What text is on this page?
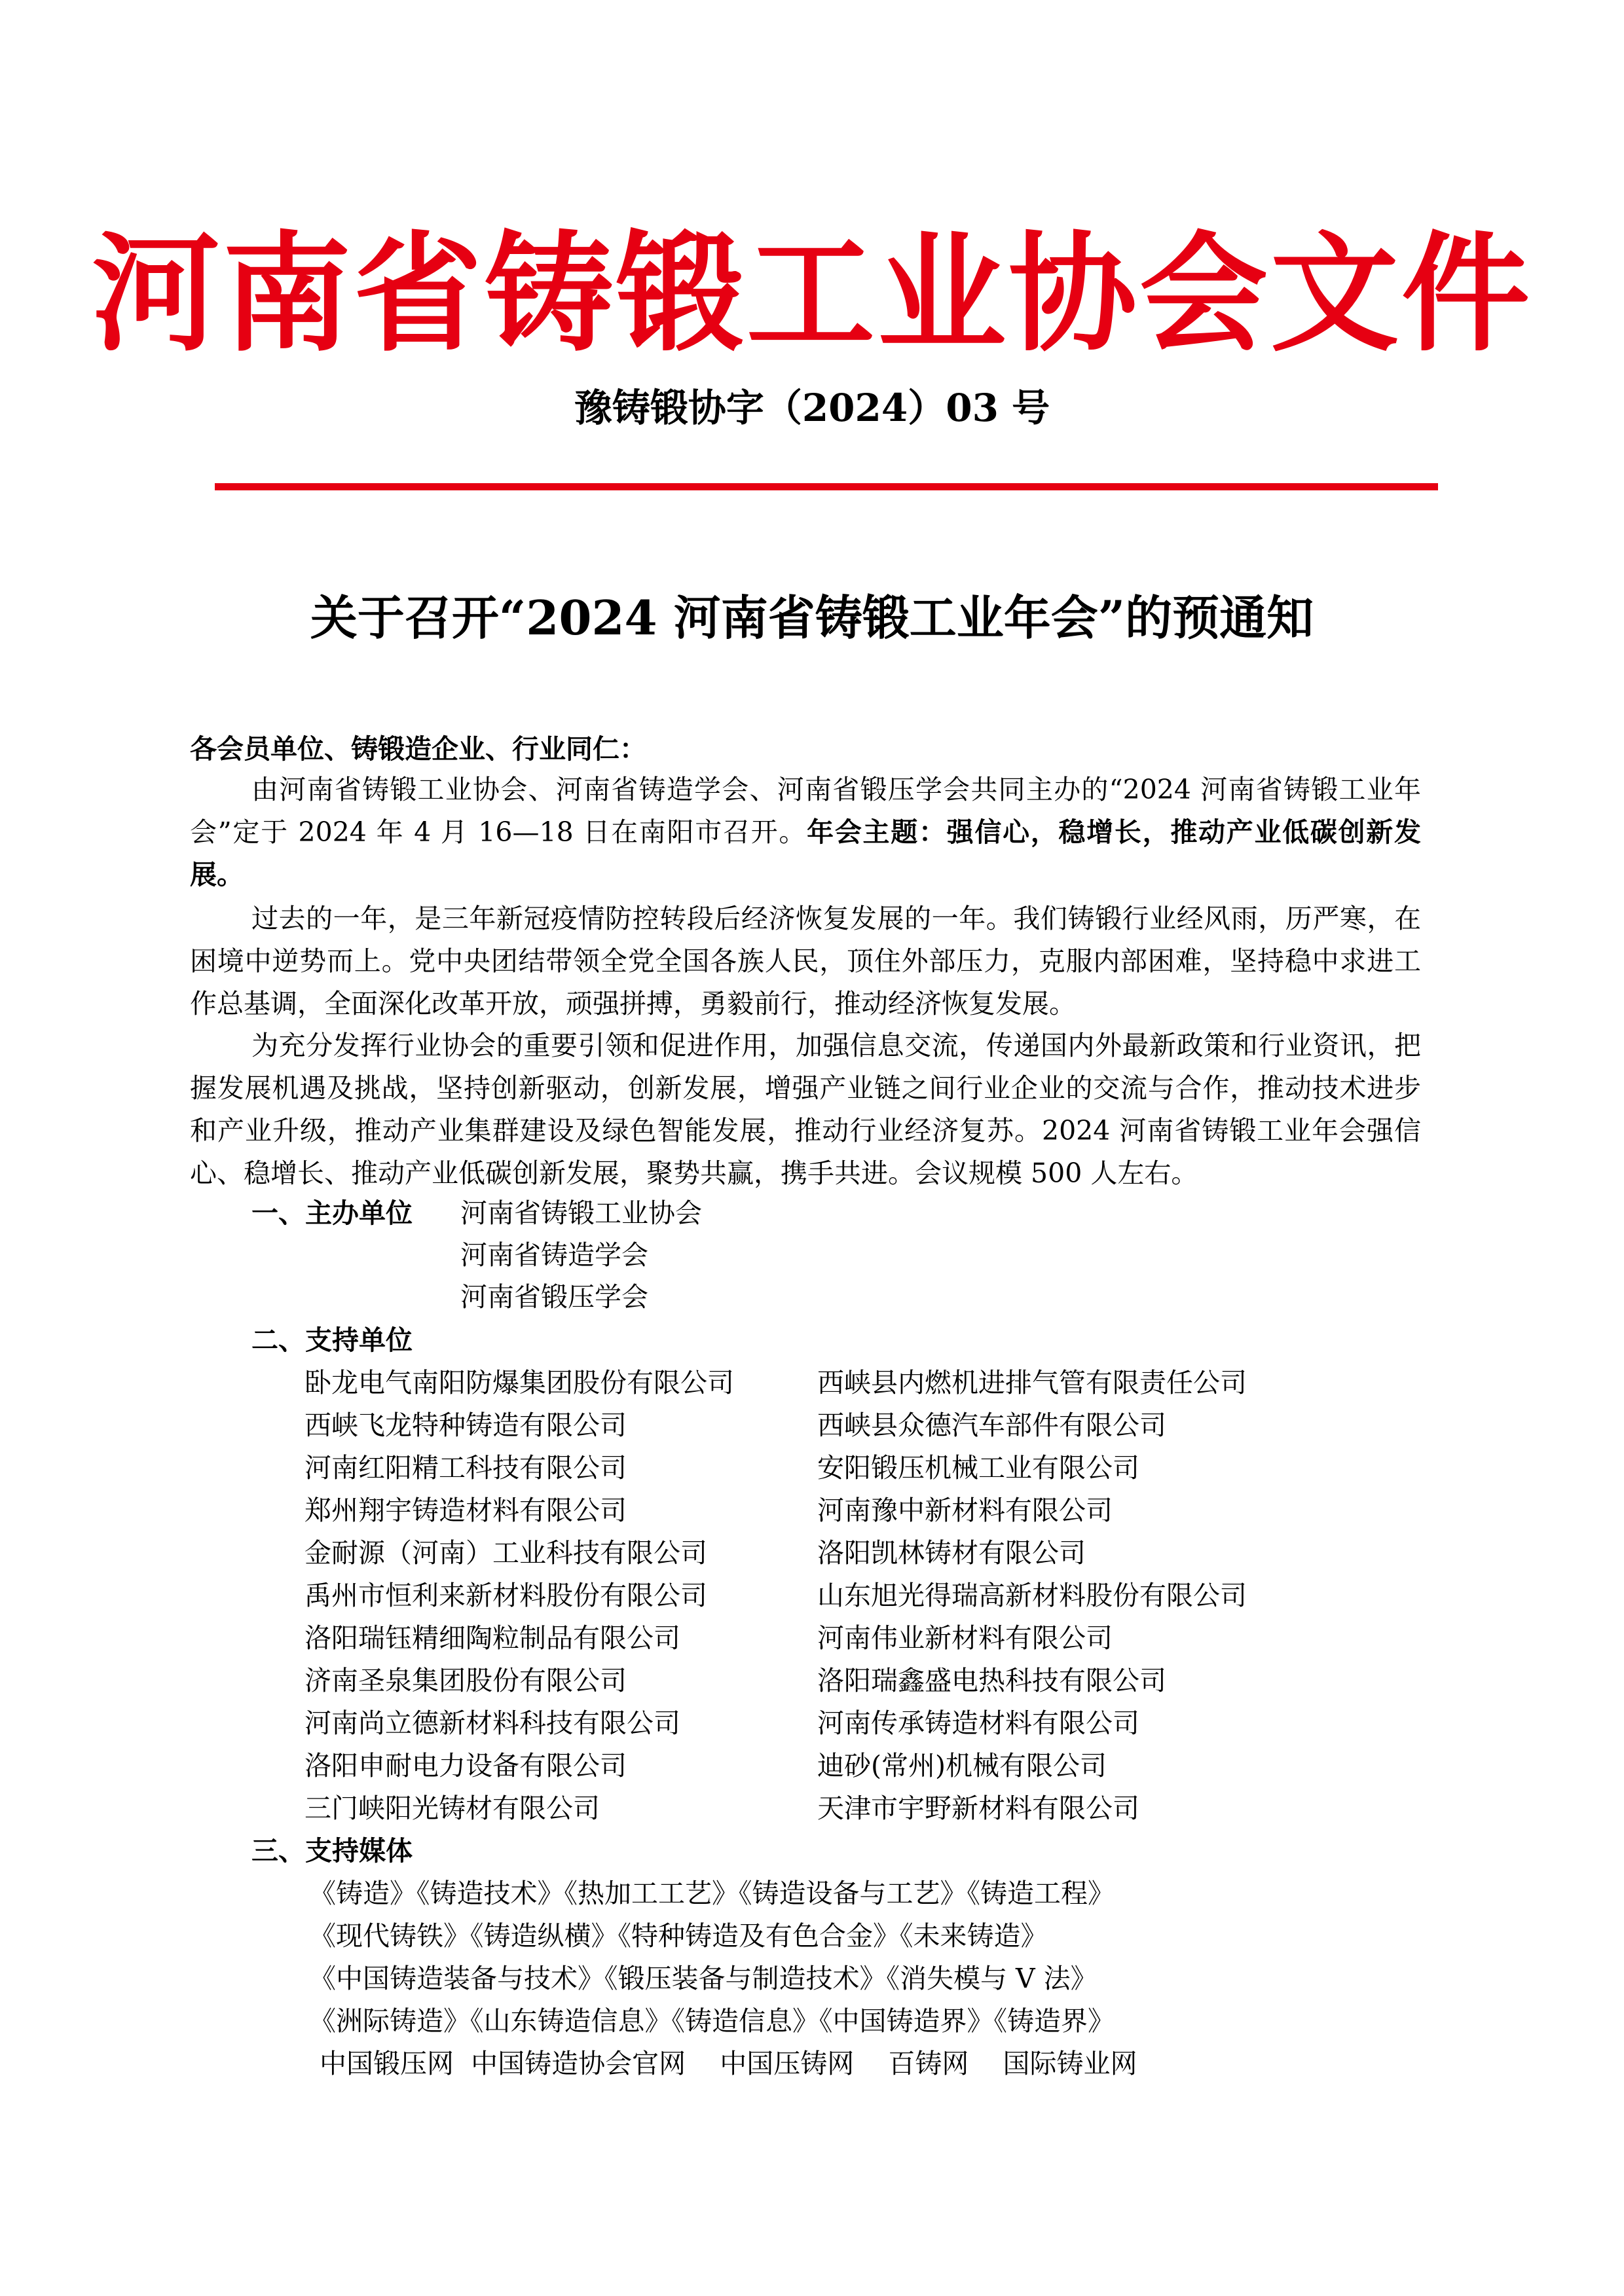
河南省铸锻工业协会文件
豫铸锻协字（2024）03 号
关于召开“2024 河南省铸锻工业年会”的预通知
各会员单位、铸锻造企业、行业同仁：
由河南省铸锻工业协会、河南省铸造学会、河南省锻压学会共同主办的“2024 河南省铸锻工业年会”定于 2024 年 4 月 16—18 日在南阳市召开。年会主题：强信心，稳增长，推动产业低碳创新发展。
过去的一年，是三年新冠疫情防控转段后经济恢复发展的一年。我们铸锻行业经风雨，历严寒，在困境中逆势而上。党中央团结带领全党全国各族人民，顶住外部压力，克服内部困难，坚持稳中求进工作总基调，全面深化改革开放，顽强拼搏，勇毅前行，推动经济恢复发展。
为充分发挥行业协会的重要引领和促进作用，加强信息交流，传递国内外最新政策和行业资讯，把握发展机遇及挑战，坚持创新驱动，创新发展，增强产业链之间行业企业的交流与合作，推动技术进步和产业升级，推动产业集群建设及绿色智能发展，推动行业经济复苏。2024 河南省铸锻工业年会强信心、稳增长、推动产业低碳创新发展，聚势共赢，携手共进。会议规模 500 人左右。
一、主办单位 河南省铸锻工业协会
河南省铸造学会
河南省锻压学会
二、支持单位
卧龙电气南阳防爆集团股份有限公司	西峡县内燃机进排气管有限责任公司
西峡飞龙特种铸造有限公司	西峡县众德汽车部件有限公司
河南红阳精工科技有限公司	安阳锻压机械工业有限公司
郑州翔宇铸造材料有限公司	河南豫中新材料有限公司
金耐源（河南）工业科技有限公司	洛阳凯林铸材有限公司
禹州市恒利来新材料股份有限公司	山东旭光得瑞高新材料股份有限公司
洛阳瑞钰精细陶粒制品有限公司	河南伟业新材料有限公司
济南圣泉集团股份有限公司	洛阳瑞鑫盛电热科技有限公司
河南尚立德新材料科技有限公司	河南传承铸造材料有限公司
洛阳申耐电力设备有限公司	迪砂(常州)机械有限公司
三门峡阳光铸材有限公司	天津市宇野新材料有限公司
三、支持媒体
《铸造》《铸造技术》《热加工工艺》《铸造设备与工艺》《铸造工程》
《现代铸铁》《铸造纵横》《特种铸造及有色合金》《未来铸造》
《中国铸造装备与技术》《锻压装备与制造技术》《消失模与 V 法》
《洲际铸造》《山东铸造信息》《铸造信息》《中国铸造界》《铸造界》
中国锻压网  中国铸造协会官网    中国压铸网    百铸网    国际铸业网
